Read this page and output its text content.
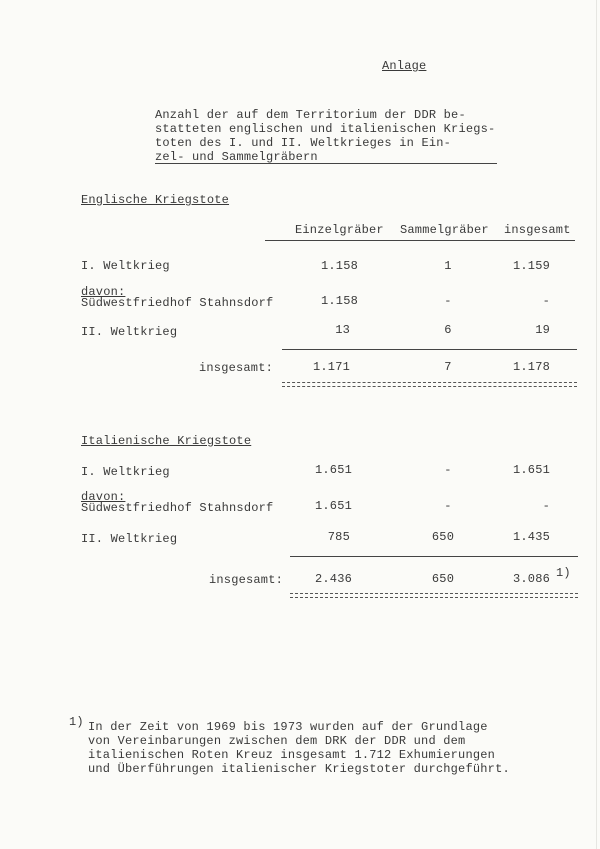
Anlage
Anzahl der auf dem Territorium der DDR be-
statteten englischen und italienischen Kriegs-
toten des I. und II. Weltkrieges in Ein-
zel- und Sammelgräbern
Englische Kriegstote
Einzelgräber Sammelgräber insgesamt
I. Weltkrieg	1.158	1	1.159
davon:
Südwestfriedhof Stahnsdorf	1.158	-	-
II. Weltkrieg	13	6	19
insgesamt:	1.171	7	1.178
Italienische Kriegstote
I. Weltkrieg	1.651	-	1.651
davon:
Südwestfriedhof Stahnsdorf	1.651	-	-
II. Weltkrieg	785	650	1.435
insgesamt:	2.436	650	3.086 1)
1) In der Zeit von 1969 bis 1973 wurden auf der Grundlage
von Vereinbarungen zwischen dem DRK der DDR und dem
italienischen Roten Kreuz insgesamt 1.712 Exhumierungen
und Überführungen italienischer Kriegstoter durchgeführt.
